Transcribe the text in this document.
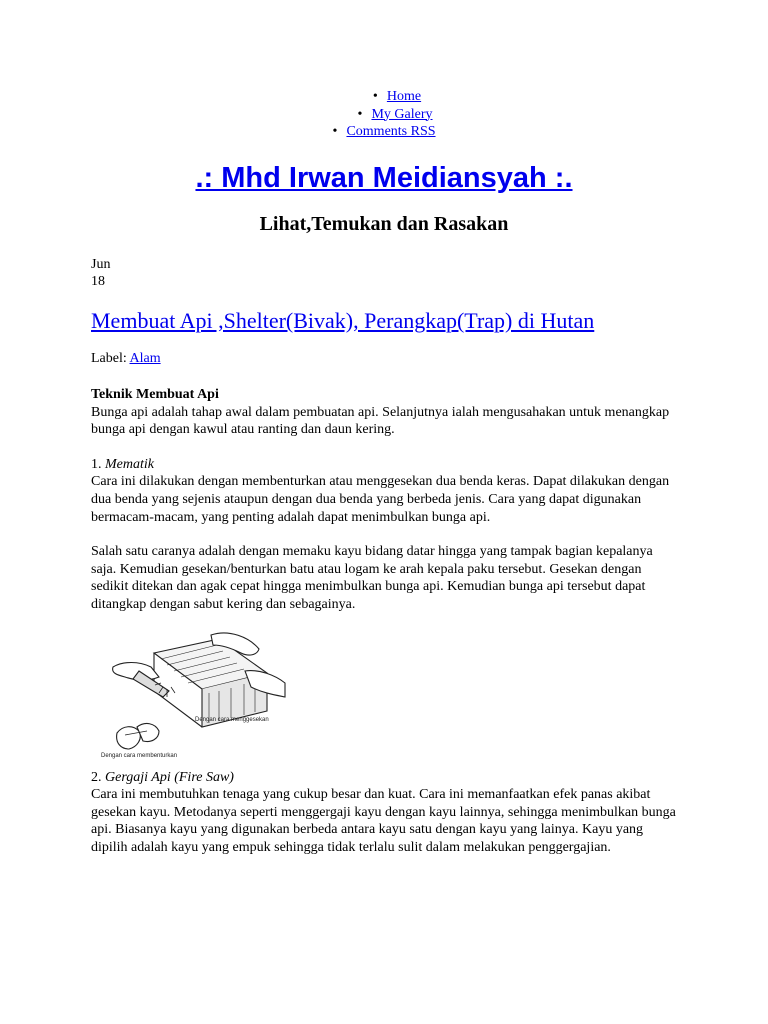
• Home
• My Galery
• Comments RSS
.: Mhd Irwan Meidiansyah :.
Lihat,Temukan dan Rasakan
Jun
18
Membuat Api ,Shelter(Bivak), Perangkap(Trap) di Hutan
Label: Alam

Teknik Membuat Api
Bunga api adalah tahap awal dalam pembuatan api. Selanjutnya ialah mengusahakan untuk menangkap bunga api dengan kawul atau ranting dan daun kering.

1. Mematik
Cara ini dilakukan dengan membenturkan atau menggesekan dua benda keras. Dapat dilakukan dengan dua benda yang sejenis ataupun dengan dua benda yang berbeda jenis. Cara yang dapat digunakan bermacam-macam, yang penting adalah dapat menimbulkan bunga api.

Salah satu caranya adalah dengan memaku kayu bidang datar hingga yang tampak bagian kepalanya saja. Kemudian gesekan/benturkan batu atau logam ke arah kepala paku tersebut. Gesekan dengan sedikit ditekan dan agak cepat hingga menimbulkan bunga api. Kemudian bunga api tersebut dapat ditangkap dengan sabut kering dan sebagainya.

Dengan cara menggesekan
Dengan cara membenturkan

2. Gergaji Api (Fire Saw)
Cara ini membutuhkan tenaga yang cukup besar dan kuat. Cara ini memanfaatkan efek panas akibat gesekan kayu. Metodanya seperti menggergaji kayu dengan kayu lainnya, sehingga menimbulkan bunga api. Biasanya kayu yang digunakan berbeda antara kayu satu dengan kayu yang lainya. Kayu yang dipilih adalah kayu yang empuk sehingga tidak terlalu sulit dalam melakukan penggergajian.
